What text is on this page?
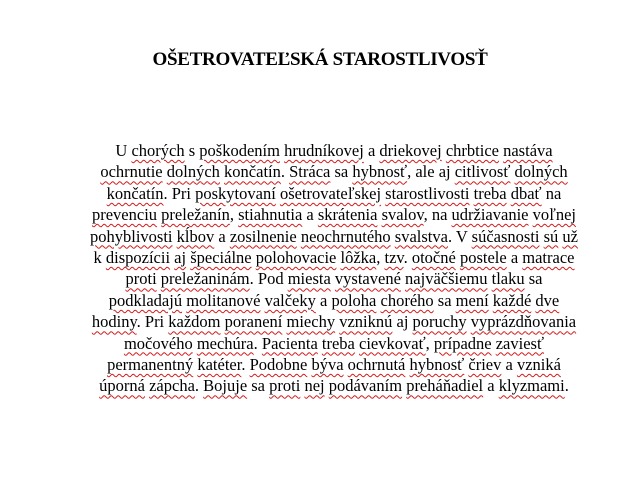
OŠETROVATEĽSKÁ STAROSTLIVOSŤ
U chorých s poškodením hrudníkovej a driekovej chrbtice nastáva
ochrnutie dolných končatín. Stráca sa hybnosť, ale aj citlivosť dolných
končatín. Pri poskytovaní ošetrovateľskej starostlivosti treba dbať na
prevenciu preležanín, stiahnutia a skrátenia svalov, na udržiavanie voľnej
pohyblivosti kĺbov a zosilnenie neochrnutého svalstva. V súčasnosti sú už
k dispozícii aj špeciálne polohovacie lôžka, tzv. otočné postele a matrace
proti preležaninám. Pod miesta vystavené najväčšiemu tlaku sa
podkladajú molitanové valčeky a poloha chorého sa mení každé dve
hodiny. Pri každom poranení miechy vzniknú aj poruchy vyprázdňovania
močového mechúra. Pacienta treba cievkovať, prípadne zaviesť
permanentný katéter. Podobne býva ochrnutá hybnosť čriev a vzniká
úporná zápcha. Bojuje sa proti nej podávaním preháňadiel a klyzmami.
